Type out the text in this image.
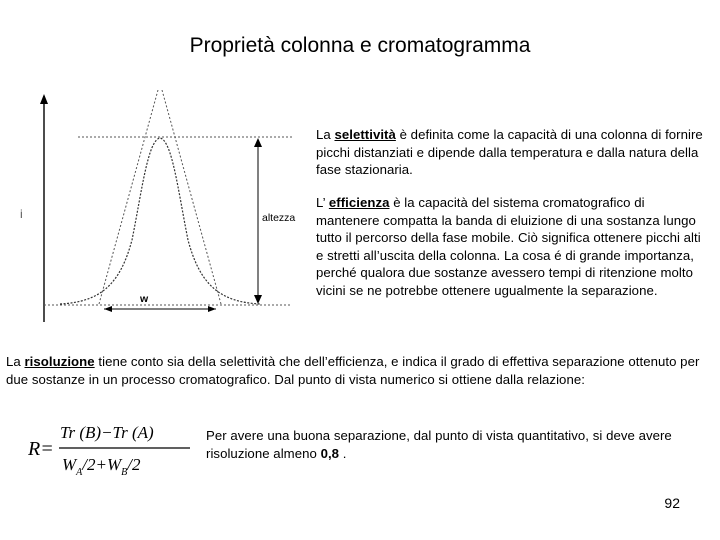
Proprietà colonna e cromatogramma
i	altezza
w
La selettività è definita come la capacità di una colonna di fornire picchi distanziati e dipende dalla temperatura e dalla natura della fase stazionaria.
L’ efficienza è la capacità del sistema cromatografico di mantenere compatta la banda di eluizione di una sostanza lungo tutto il percorso della fase mobile. Ciò significa ottenere picchi alti e stretti all’uscita della colonna. La cosa é di grande importanza,
perché qualora due sostanze avessero tempi di ritenzione molto vicini se ne potrebbe ottenere ugualmente la separazione.
La risoluzione tiene conto sia della selettività che dell’efficienza, e indica il grado di effettiva separazione ottenuto per due sostanze in un processo cromatografico. Dal punto di vista numerico si ottiene dalla relazione:
R=
Tr (B)−Tr (A)
$W_A/2+W_B/2$
Per avere una buona separazione, dal punto di vista quantitativo, si deve avere risoluzione almeno 0,8 .
92
